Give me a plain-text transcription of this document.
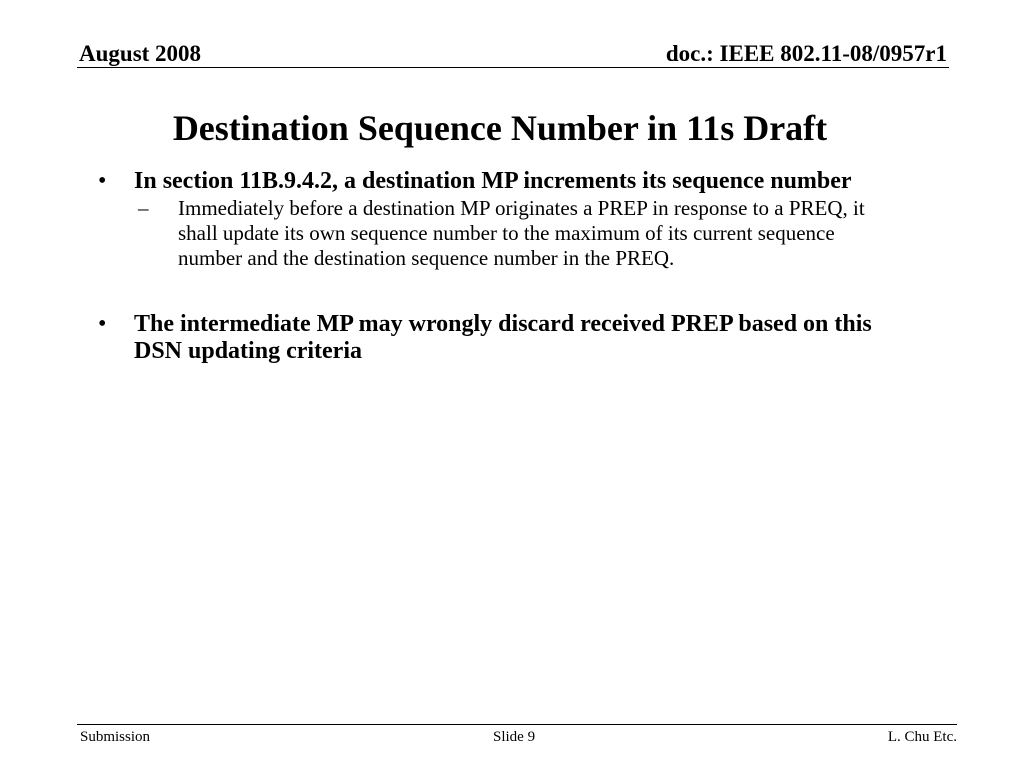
August 2008	doc.: IEEE 802.11-08/0957r1
Destination Sequence Number in 11s Draft
• In section 11B.9.4.2, a destination MP increments its sequence number
– Immediately before a destination MP originates a PREP in response to a PREQ, it shall update its own sequence number to the maximum of its current sequence number and the destination sequence number in the PREQ.
• The intermediate MP may wrongly discard received PREP based on this DSN updating criteria
Submission	Slide 9	L. Chu Etc.
